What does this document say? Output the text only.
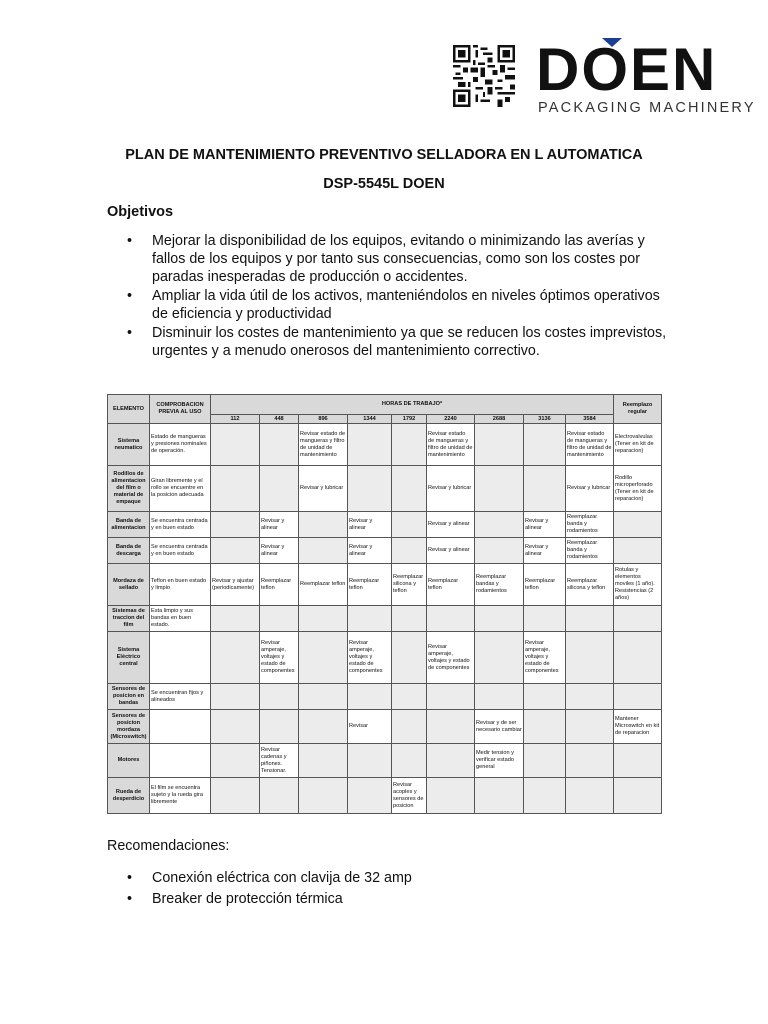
DOEN
PACKAGING MACHINERY
PLAN DE MANTENIMIENTO PREVENTIVO SELLADORA EN L AUTOMATICA
DSP-5545L DOEN
Objetivos
• Mejorar la disponibilidad de los equipos, evitando o minimizando las averías y fallos de los equipos y por tanto sus consecuencias, como son los costes por paradas inesperadas de producción o accidentes.
• Ampliar la vida útil de los activos, manteniéndolos en niveles óptimos operativos de eficiencia y productividad
• Disminuir los costes de mantenimiento ya que se reducen los costes imprevistos, urgentes y a menudo onerosos del mantenimiento correctivo.
ELEMENTO	COMPROBACION PREVIA AL USO	HORAS DE TRABAJO*									Reemplazo regular
		112	448	896	1344	1792	2240	2688	3136	3584	
Sistema neumatico	Estado de mangueras y presiones nominales de operación.			Revisar estado de mangueras y filtro de unidad de mantenimiento			Revisar estado de mangueras y filtro de unidad de mantenimiento			Revisar estado de mangueras y filtro de unidad de mantenimiento	Electrovalvulas (Tener en kit de reparacion)
Rodillos de alimentacion del film o material de empaque	Giran libremente y el rollo se encuentre en la posicion adecuada			Revisar y lubricar			Revisar y lubricar			Revisar y lubricar	Rodillo microperforado (Tener en kit de reparacion)
Banda de alimentacion	Se encuentra centrada y en buen estado		Revisar y alinear		Revisar y alinear		Revisar y alinear		Revisar y alinear	Reemplazar banda y rodamientos	
Banda de descarga	Se encuentra centrada y en buen estado		Revisar y alinear		Revisar y alinear		Revisar y alinear		Revisar y alinear	Reemplazar banda y rodamientos	
Mordaza de sellado	Teflon en buen estado y limpio	Revisar y ajustar (periodicamente)	Reemplazar teflon	Reemplazar teflon	Reemplazar teflon	Reemplazar silicona y teflon	Reemplazar teflon	Reemplazar bandas y rodamientos	Reemplazar teflon	Reemplazar silicona y teflon	Rotulas y elementos moviles (1 año). Resistencias (2 años)
Sistemas de traccion del film	Esta limpio y sus bandas en buen estado.										
Sistema Eléctrico central			Revisar amperaje, voltajes y estado de componentes		Revisar amperaje, voltajes y estado de componentes		Revisar amperaje, voltajes y estado de componentes		Revisar amperaje, voltajes y estado de componentes		
Sensores de posicion en bandas	Se encuentran fijos y alineados										
Sensores de posicion mordaza (Microswitch)					Revisar			Revisar y de ser necesario cambiar			Mantener Microswitch en kit de reparacion
Motores			Revisar cadenas y piñones. Tensionar.					Medir tension y verificar estado general			
Rueda de desperdicio	El film se encuentra sujeto y la rueda gira libremente					Revisar acoples y sensores de posicion					
Recomendaciones:
• Conexión eléctrica con clavija de 32 amp
• Breaker de protección térmica
